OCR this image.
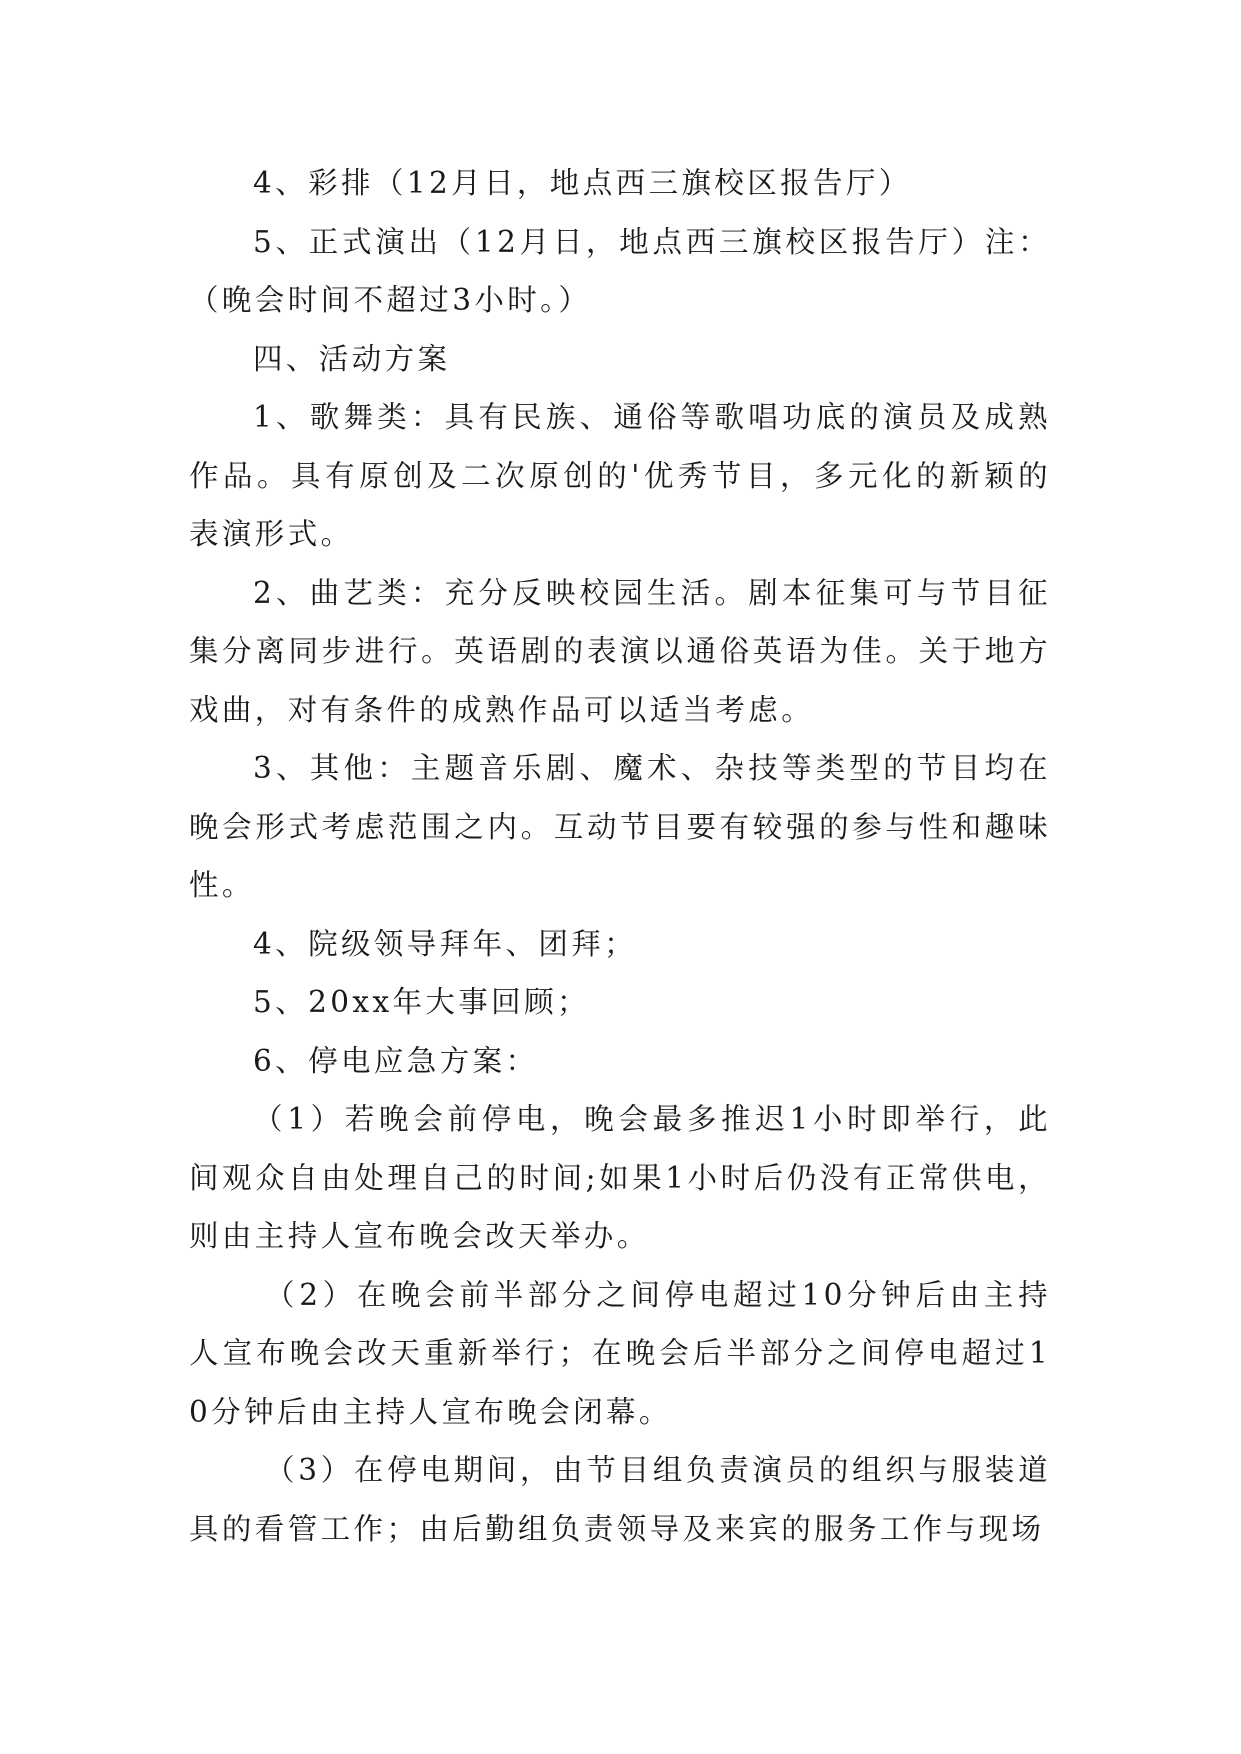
4、彩排（12月日，地点西三旗校区报告厅）

5、正式演出（12月日，地点西三旗校区报告厅）注：（晚会时间不超过3小时。）

四、活动方案

1、歌舞类：具有民族、通俗等歌唱功底的演员及成熟作品。具有原创及二次原创的'优秀节目，多元化的新颖的表演形式。

2、曲艺类：充分反映校园生活。剧本征集可与节目征集分离同步进行。英语剧的表演以通俗英语为佳。关于地方戏曲，对有条件的成熟作品可以适当考虑。

3、其他：主题音乐剧、魔术、杂技等类型的节目均在晚会形式考虑范围之内。互动节目要有较强的参与性和趣味性。

4、院级领导拜年、团拜；

5、20xx年大事回顾；

6、停电应急方案：

（1）若晚会前停电，晚会最多推迟1小时即举行，此间观众自由处理自己的时间;如果1小时后仍没有正常供电，则由主持人宣布晚会改天举办。

（2）在晚会前半部分之间停电超过10分钟后由主持人宣布晚会改天重新举行；在晚会后半部分之间停电超过10分钟后由主持人宣布晚会闭幕。

（3）在停电期间，由节目组负责演员的组织与服装道具的看管工作；由后勤组负责领导及来宾的服务工作与现场
